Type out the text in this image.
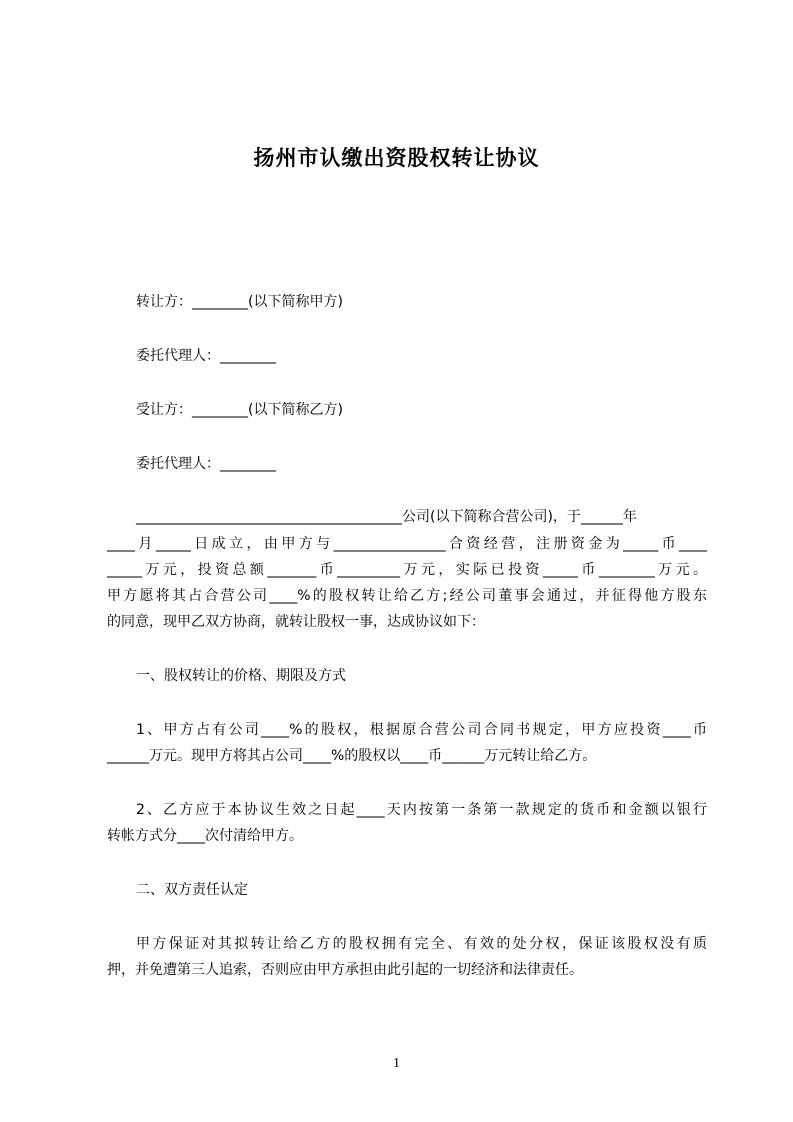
扬州市认缴出资股权转让协议
转让方：________(以下简称甲方)
委托代理人：________
受让方：________(以下简称乙方)
委托代理人：________
______________________________________公司(以下简称合营公司)，于______年
____月_____日成立，由甲方与________________合资经营，注册资金为_____币____
_____万元，投资总额_______币_________万元，实际已投资_____币________万元。
甲方愿将其占合营公司____%的股权转让给乙方;经公司董事会通过，并征得他方股东
的同意，现甲乙双方协商，就转让股权一事，达成协议如下：
一、股权转让的价格、期限及方式
1、甲方占有公司____%的股权，根据原合营公司合同书规定，甲方应投资____币
______万元。现甲方将其占公司____%的股权以____币______万元转让给乙方。
2、乙方应于本协议生效之日起____天内按第一条第一款规定的货币和金额以银行
转帐方式分____次付清给甲方。
二、双方责任认定
甲方保证对其拟转让给乙方的股权拥有完全、有效的处分权，保证该股权没有质
押，并免遭第三人追索，否则应由甲方承担由此引起的一切经济和法律责任。
1
